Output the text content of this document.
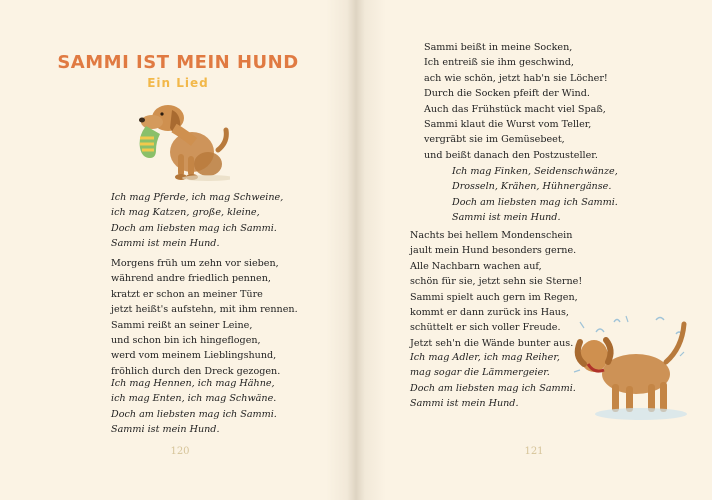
SAMMI IST MEIN HUND
Ein Lied
Ich mag Pferde, ich mag Schweine,
ich mag Katzen, große, kleine,
Doch am liebsten mag ich Sammi.
Sammi ist mein Hund.
Morgens früh um zehn vor sieben,
während andre friedlich pennen,
kratzt er schon an meiner Türe
jetzt heißt's aufstehn, mit ihm rennen.
Sammi reißt an seiner Leine,
und schon bin ich hingeflogen,
werd vom meinem Lieblingshund,
fröhlich durch den Dreck gezogen.
Ich mag Hennen, ich mag Hähne,
ich mag Enten, ich mag Schwäne.
Doch am liebsten mag ich Sammi.
Sammi ist mein Hund.
120
Sammi beißt in meine Socken,
Ich entreiß sie ihm geschwind,
ach wie schön, jetzt hab'n sie Löcher!
Durch die Socken pfeift der Wind.
Auch das Frühstück macht viel Spaß,
Sammi klaut die Wurst vom Teller,
vergräbt sie im Gemüsebeet,
und beißt danach den Postzusteller.
Ich mag Finken, Seidenschwänze,
Drosseln, Krähen, Hühnergänse.
Doch am liebsten mag ich Sammi.
Sammi ist mein Hund.
Nachts bei hellem Mondenschein
jault mein Hund besonders gerne.
Alle Nachbarn wachen auf,
schön für sie, jetzt sehn sie Sterne!
Sammi spielt auch gern im Regen,
kommt er dann zurück ins Haus,
schüttelt er sich voller Freude.
Jetzt seh'n die Wände bunter aus.
Ich mag Adler, ich mag Reiher,
mag sogar die Lämmergeier.
Doch am liebsten mag ich Sammi.
Sammi ist mein Hund.
121
